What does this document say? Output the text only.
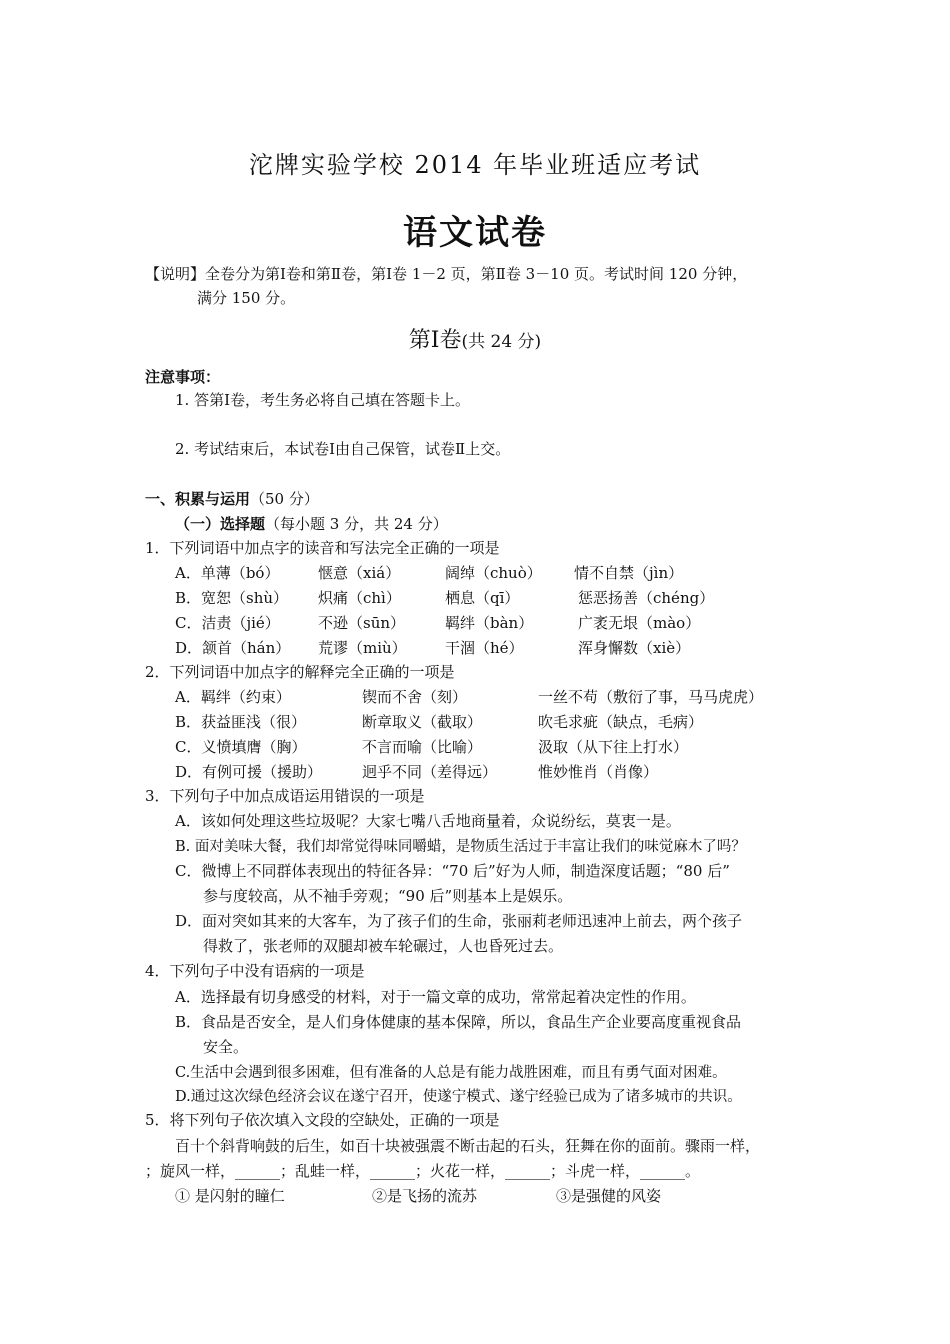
沱牌实验学校 2014 年毕业班适应考试
语文试卷
【说明】全卷分为第Ⅰ卷和第Ⅱ卷，第Ⅰ卷 1－2 页，第Ⅱ卷 3－10 页。考试时间 120 分钟，
满分 150 分。
第Ⅰ卷(共 24 分)
注意事项：
1. 答第Ⅰ卷，考生务必将自己填在答题卡上。
2. 考试结束后，本试卷Ⅰ由自己保管，试卷Ⅱ上交。
一、积累与运用（50 分）
（一）选择题（每小题 3 分，共 24 分）
1．下列词语中加点字的读音和写法完全正确的一项是
A．单薄（bó）	惬意（xiá）	阔绰（chuò） 情不自禁（jìn）
B．宽恕（shù） 炽痛（chì）	栖息（qī）	惩恶扬善（chéng）
C．洁责（jié）	不逊（sūn）	羁绊（bàn）	广袤无垠（mào）
D．颔首（hán） 荒谬（miù）	干涸（hé）	浑身懈数（xiè）
2．下列词语中加点字的解释完全正确的一项是
A．羁绊（约束）	锲而不舍（刻）	一丝不苟（敷衍了事，马马虎虎）
B．获益匪浅（很）	断章取义（截取）	吹毛求疵（缺点，毛病）
C．义愤填膺（胸）	不言而喻（比喻）	汲取（从下往上打水）
D．有例可援（援助）	迥乎不同（差得远）	惟妙惟肖（肖像）
3．下列句子中加点成语运用错误的一项是
A．该如何处理这些垃圾呢？大家七嘴八舌地商量着，众说纷纭，莫衷一是。
B. 面对美味大餐，我们却常觉得味同嚼蜡，是物质生活过于丰富让我们的味觉麻木了吗？
C．微博上不同群体表现出的特征各异：“70 后”好为人师，制造深度话题；“80 后”
参与度较高，从不袖手旁观；“90 后”则基本上是娱乐。
D．面对突如其来的大客车，为了孩子们的生命，张丽莉老师迅速冲上前去，两个孩子
得救了，张老师的双腿却被车轮碾过，人也昏死过去。
4．下列句子中没有语病的一项是
A．选择最有切身感受的材料，对于一篇文章的成功，常常起着决定性的作用。
B．食品是否安全，是人们身体健康的基本保障，所以，食品生产企业要高度重视食品
安全。
C.生活中会遇到很多困难，但有准备的人总是有能力战胜困难，而且有勇气面对困难。
D.通过这次绿色经济会议在遂宁召开，使遂宁模式、遂宁经验已成为了诸多城市的共识。
5．将下列句子依次填入文段的空缺处，正确的一项是
百十个斜背响鼓的后生，如百十块被强震不断击起的石头，狂舞在你的面前。骤雨一样，
；旋风一样，______；乱蛙一样，______；火花一样，______；斗虎一样，______。
① 是闪射的瞳仁	②是飞扬的流苏	③是强健的风姿
